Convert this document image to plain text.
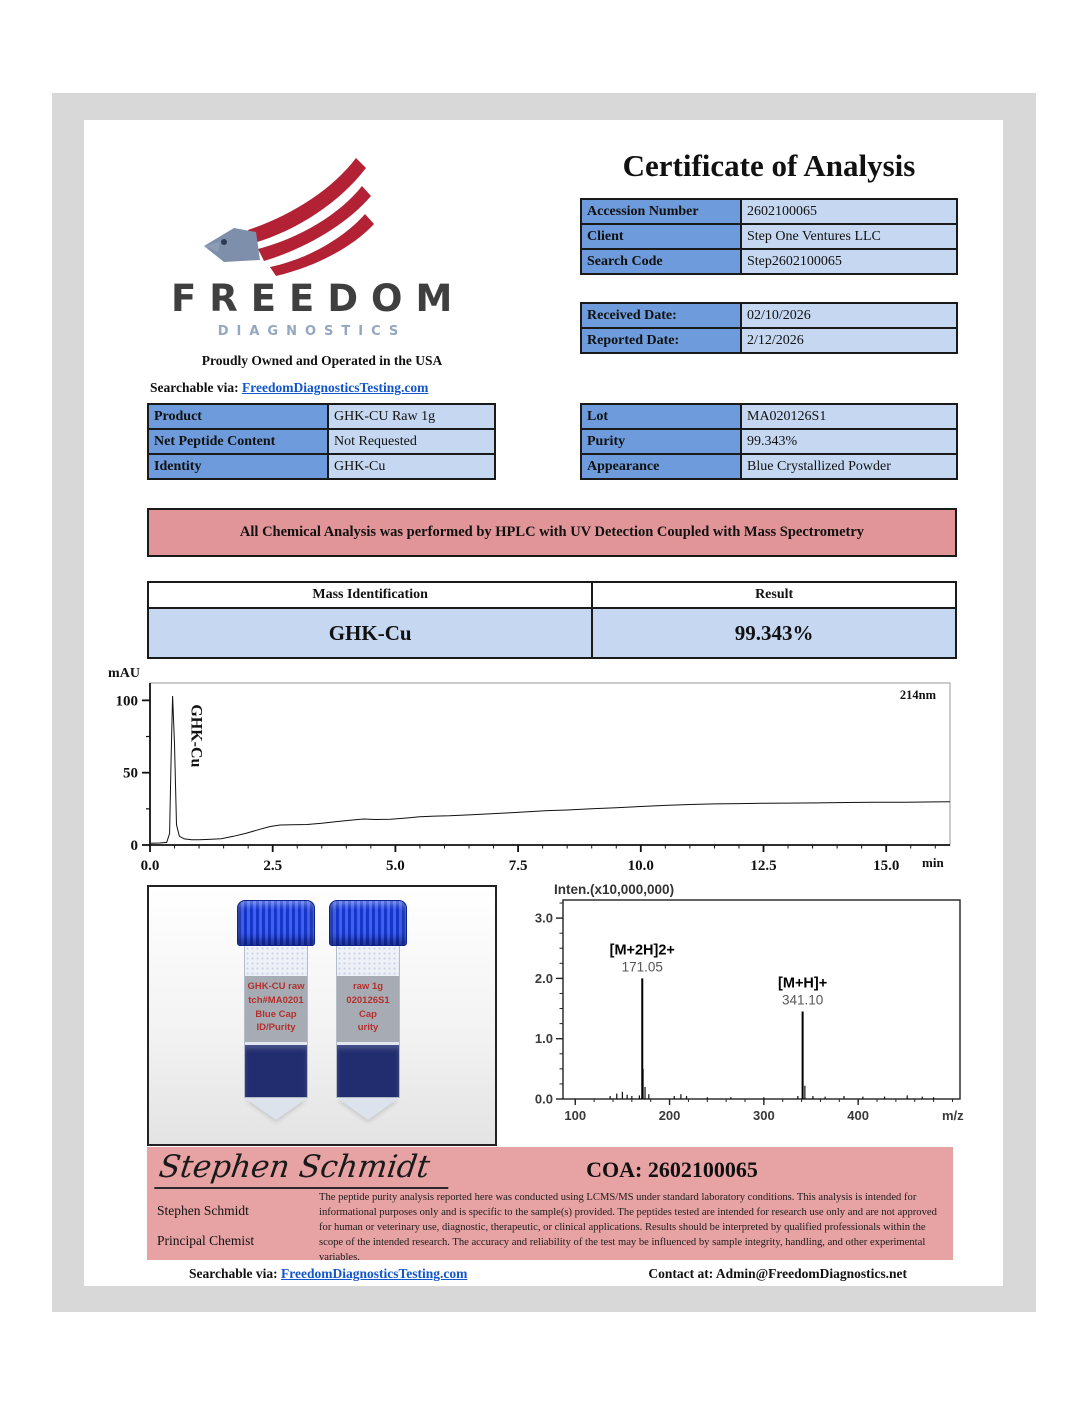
FREEDOM
DIAGNOSTICS
Proudly Owned and Operated in the USA
Searchable via: FreedomDiagnosticsTesting.com
Certificate of Analysis
Accession Number	2602100065
Client	Step One Ventures LLC
Search Code	Step2602100065
Received Date:	02/10/2026
Reported Date:	2/12/2026
Product	GHK-CU Raw 1g
Net Peptide Content	Not Requested
Identity	GHK-Cu
Lot	MA020126S1
Purity	99.343%
Appearance	Blue Crystallized Powder
All Chemical Analysis was performed by HPLC with UV Detection Coupled with Mass Spectrometry
Mass Identification	Result
GHK-Cu	99.343%
0
50
100
0.0	2.5	5.0	7.5	10.0	12.5	15.0
mAU
min
214nm
GHK-Cu
GHK-CU raw
tch#MA0201
Blue Cap
ID/Purity
raw 1g
020126S1
Cap
urity
0.0
1.0
2.0
3.0
100	200	300	400
[M+2H]2+
171.05
[M+H]+
341.10
Inten.(x10,000,000)
m/z
Stephen Schmidt	COA: 2602100065
Stephen Schmidt
Principal Chemist
The peptide purity analysis reported here was conducted using LCMS/MS under standard laboratory conditions. This analysis is intended for informational purposes only and is specific to the sample(s) provided. The peptides tested are intended for research use only and are not approved for human or veterinary use, diagnostic, therapeutic, or clinical applications. Results should be interpreted by qualified professionals within the scope of the intended research. The accuracy and reliability of the test may be influenced by sample integrity, handling, and other experimental variables.
Searchable via: FreedomDiagnosticsTesting.com	Contact at: Admin@FreedomDiagnostics.net
